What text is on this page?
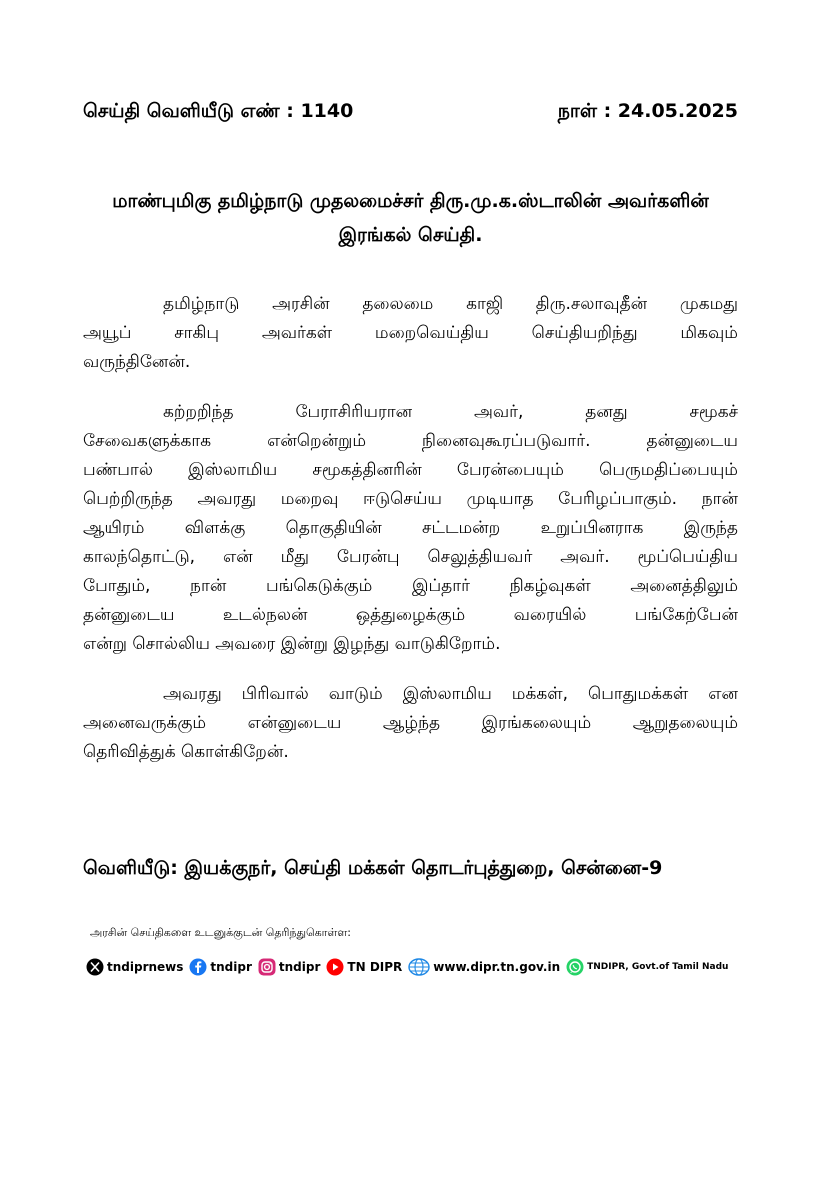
செய்தி வெளியீடு எண் : 1140	நாள் : 24.05.2025
மாண்புமிகு தமிழ்நாடு முதலமைச்சர் திரு.மு.க.ஸ்டாலின் அவர்களின்
இரங்கல் செய்தி.

தமிழ்நாடு அரசின் தலைமை காஜி திரு.சலாவுதீன் முகமது
அயூப் சாகிபு அவர்கள் மறைவெய்திய செய்தியறிந்து மிகவும்
வருந்தினேன்.

கற்றறிந்த பேராசிரியரான அவர், தனது சமூகச்
சேவைகளுக்காக என்றென்றும் நினைவுகூரப்படுவார். தன்னுடைய
பண்பால் இஸ்லாமிய சமூகத்தினரின் பேரன்பையும் பெருமதிப்பையும்
பெற்றிருந்த அவரது மறைவு ஈடுசெய்ய முடியாத பேரிழப்பாகும். நான்
ஆயிரம் விளக்கு தொகுதியின் சட்டமன்ற உறுப்பினராக இருந்த
காலந்தொட்டு, என் மீது பேரன்பு செலுத்தியவர் அவர். மூப்பெய்திய
போதும், நான் பங்கெடுக்கும் இப்தார் நிகழ்வுகள் அனைத்திலும்
தன்னுடைய உடல்நலன் ஒத்துழைக்கும் வரையில் பங்கேற்பேன்
என்று சொல்லிய அவரை இன்று இழந்து வாடுகிறோம்.

அவரது பிரிவால் வாடும் இஸ்லாமிய மக்கள், பொதுமக்கள் என
அனைவருக்கும் என்னுடைய ஆழ்ந்த இரங்கலையும் ஆறுதலையும்
தெரிவித்துக் கொள்கிறேன்.

வெளியீடு: இயக்குநர், செய்தி மக்கள் தொடர்புத்துறை, சென்னை-9
அரசின் செய்திகளை உடனுக்குடன் தெரிந்துகொள்ள:
tndiprnews tndipr tndipr TN DIPR	www.dipr.tn.gov.in	TNDIPR, Govt.of Tamil Nadu
